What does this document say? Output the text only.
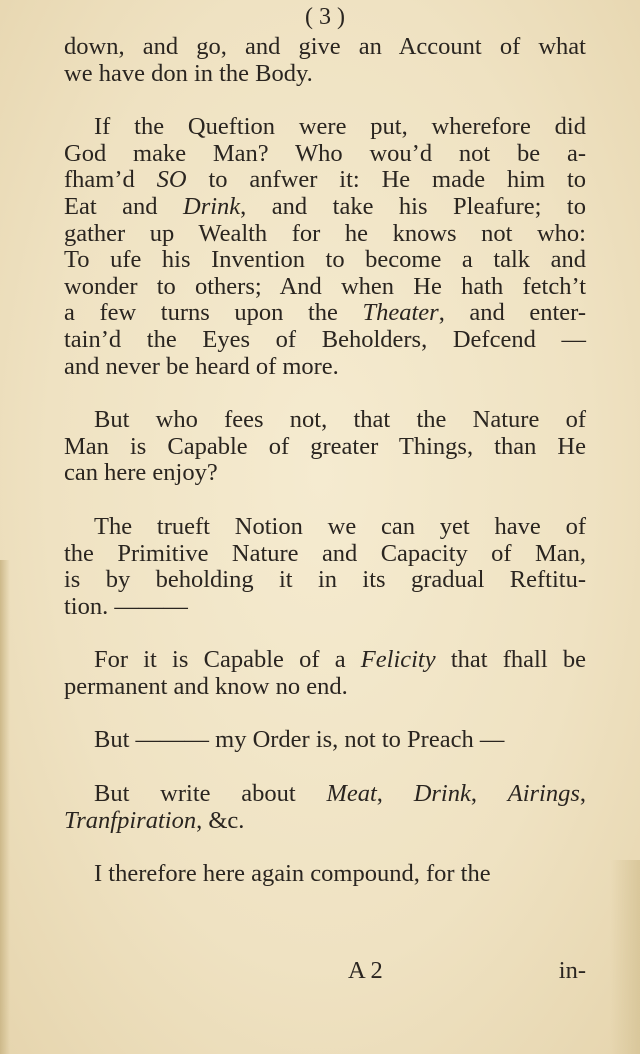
( 3 )

down, and go, and give an Account of what
we have don in the Body.

If the Queftion were put, wherefore did
God make Man? Who wou’d not be a-
fham’d SO to anfwer it: He made him to
Eat and Drink, and take his Pleafure; to
gather up Wealth for he knows not who:
To ufe his Invention to become a talk and
wonder to others; And when He hath fetch’t
a few turns upon the Theater, and enter-
tain’d the Eyes of Beholders, Defcend —
and never be heard of more.

But who fees not, that the Nature of
Man is Capable of greater Things, than He
can here enjoy?

The trueft Notion we can yet have of
the Primitive Nature and Capacity of Man,
is by beholding it in its gradual Reftitu-
tion. ———

For it is Capable of a Felicity that fhall be
permanent and know no end.

But ——— my Order is, not to Preach —

But write about Meat, Drink, Airings,
Tranfpiration, &c.

I therefore here again compound, for the

A 2	in-
